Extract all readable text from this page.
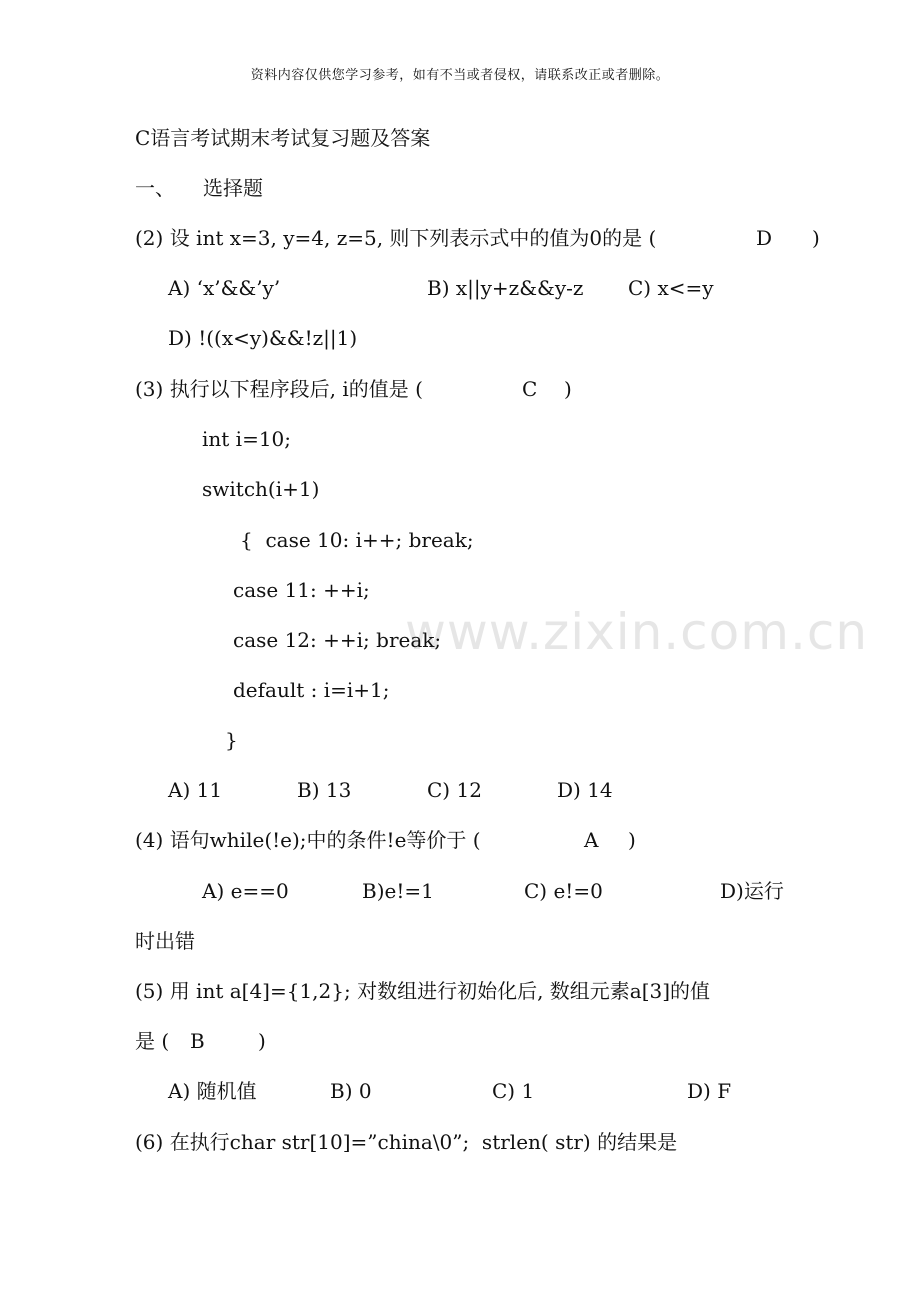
www.zixin.com.cn
资料内容仅供您学习参考，如有不当或者侵权，请联系改正或者删除。
C语言考试期末考试复习题及答案
一、 选择题
(2) 设 int x=3, y=4, z=5, 则下列表示式中的值为0的是 (	D )
A) ‘x’&&’y’	B) x||y+z&&y-z C) x<=y
D) !((x<y)&&!z||1)
(3) 执行以下程序段后, i的值是 (	C )
int i=10;
switch(i+1)
{  case 10: i++; break;
case 11: ++i;
case 12: ++i; break;
default : i=i+1;
}
A) 11	B) 13	C) 12	D) 14
(4) 语句while(!e);中的条件!e等价于 (	A )
A) e==0	B)e!=1	C) e!=0	D)运行
时出错
(5) 用 int a[4]={1,2}; 对数组进行初始化后, 数组元素a[3]的值
是 ( B	)
A) 随机值	B) 0	C) 1	D) F
(6) 在执行char str[10]=”china\0”;  strlen( str) 的结果是
